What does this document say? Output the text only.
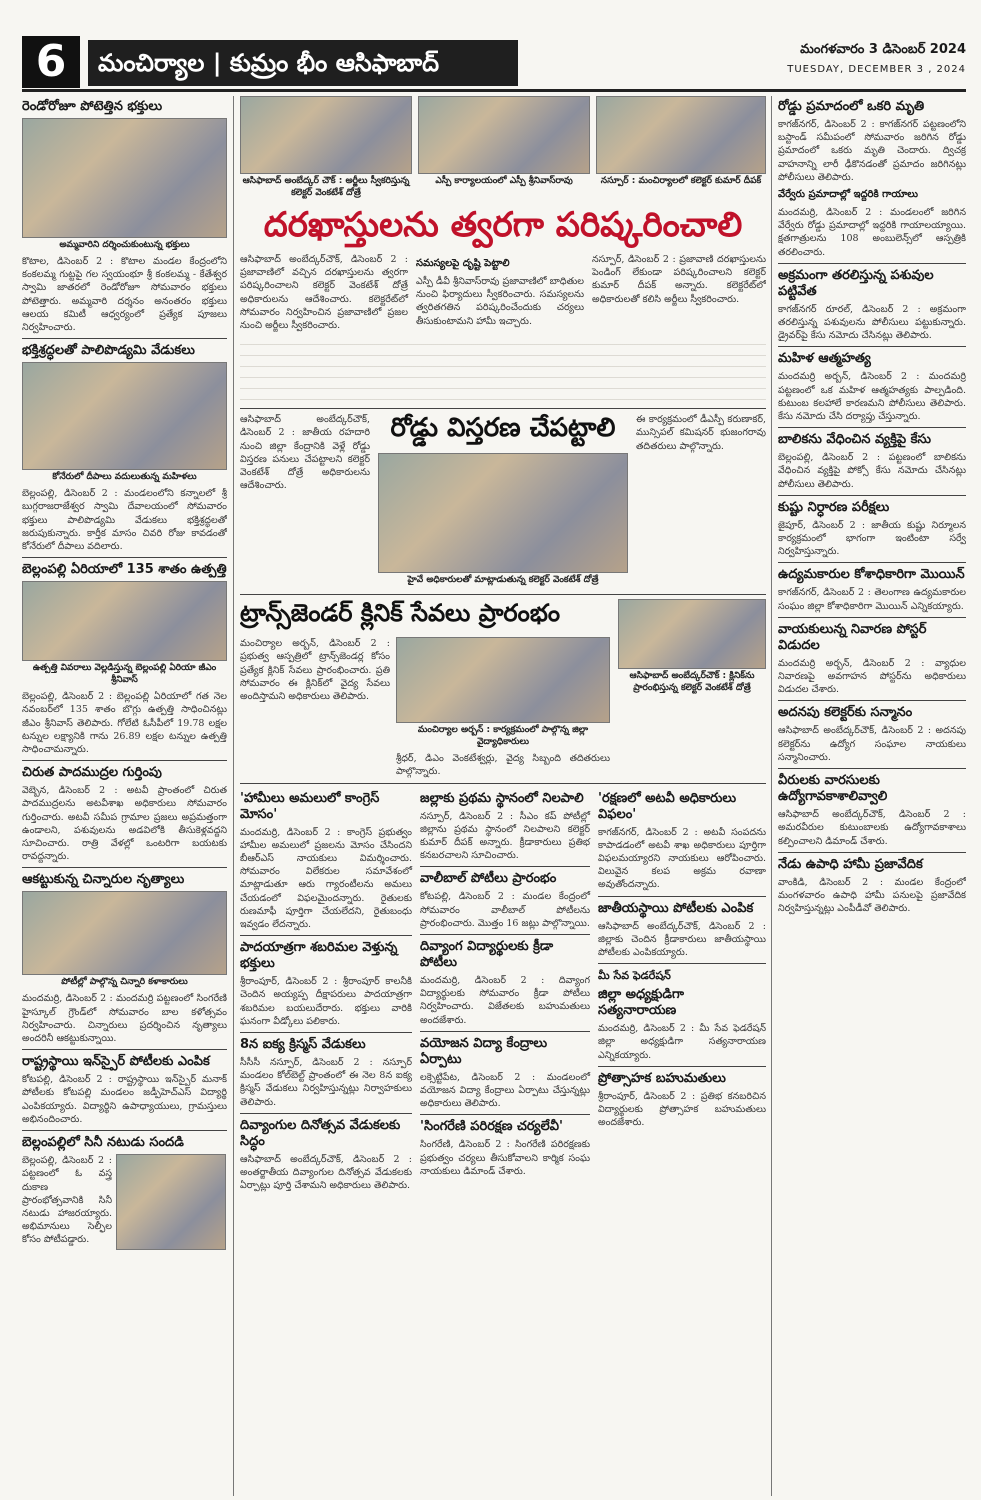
6	మంచిర్యాల | కుమ్రం భీం ఆసిఫాబాద్	మంగళవారం 3 డిసెంబర్ 2024
TUESDAY, DECEMBER 3 , 2024
రెండోరోజూ పోటెత్తిన భక్తులు
అమ్మవారిని దర్శించుకుంటున్న భక్తులు
కొటాల, డిసెంబర్ 2 : కొటాల మండల కేంద్రంలోని కంకలమ్మ గుట్టపై గల స్వయంభూ శ్రీ కంకలమ్మ - కేతేశ్వర స్వామి జాతరలో రెండోరోజూ సోమవారం భక్తులు పోటెత్తారు. అమ్మవారి దర్శనం అనంతరం భక్తులు ఆలయ కమిటీ ఆధ్వర్యంలో ప్రత్యేక పూజలు నిర్వహించారు.
భక్తిశ్రద్ధలతో పాలిపొడ్యమి వేడుకలు
కోనేరులో దీపాలు వదులుతున్న మహిళలు
బెల్లంపల్లి, డిసెంబర్ 2 : మండలంలోని కన్నాలలో శ్రీ బుగ్గరాజరాజేశ్వర స్వామి దేవాలయంలో సోమవారం భక్తులు పాలిపొడ్యమి వేడుకలు భక్తిశ్రద్ధలతో జరుపుకున్నారు. కార్తీక మాసం చివరి రోజు కావడంతో కోనేరులో దీపాలు వదిలారు.
బెల్లంపల్లి ఏరియాలో 135 శాతం ఉత్పత్తి
ఉత్పత్తి వివరాలు వెల్లడిస్తున్న బెల్లంపల్లి ఏరియా జీఎం శ్రీనివాస్
బెల్లంపల్లి, డిసెంబర్ 2 : బెల్లంపల్లి ఏరియాలో గత నెల నవంబర్‌లో 135 శాతం బొగ్గు ఉత్పత్తి సాధించినట్లు జీఎం శ్రీనివాస్ తెలిపారు. గోలేటి ఓసీపీలో 19.78 లక్షల టన్నుల లక్ష్యానికి గాను 26.89 లక్షల టన్నుల ఉత్పత్తి సాధించామన్నారు.
చిరుత పాదముద్రల గుర్తింపు
వెబ్బెన, డిసెంబర్ 2 : అటవీ ప్రాంతంలో చిరుత పాదముద్రలను అటవీశాఖ అధికారులు సోమవారం గుర్తించారు. అటవీ సమీప గ్రామాల ప్రజలు అప్రమత్తంగా ఉండాలని, పశువులను అడవిలోకి తీసుకెళ్లవద్దని సూచించారు. రాత్రి వేళల్లో ఒంటరిగా బయటకు రావద్దన్నారు.
ఆకట్టుకున్న చిన్నారుల నృత్యాలు
పోటీల్లో పాల్గొన్న చిన్నారి కళాకారులు
మందమర్రి, డిసెంబర్ 2 : మందమర్రి పట్టణంలో సింగరేణి హైస్కూల్ గ్రౌండ్‌లో సోమవారం బాల కళోత్సవం నిర్వహించారు. చిన్నారులు ప్రదర్శించిన నృత్యాలు అందరినీ ఆకట్టుకున్నాయి.
రాష్ట్రస్థాయి ఇన్‌స్పైర్ పోటీలకు ఎంపిక
కోటపల్లి, డిసెంబర్ 2 : రాష్ట్రస్థాయి ఇన్‌స్పైర్ మనాక్ పోటీలకు కోటపల్లి మండలం జడ్పీహెచ్‌ఎస్ విద్యార్థి ఎంపికయ్యారు. విద్యార్థిని ఉపాధ్యాయులు, గ్రామస్తులు అభినందించారు.
బెల్లంపల్లిలో సినీ నటుడు సందడి
బెల్లంపల్లి, డిసెంబర్ 2 : పట్టణంలో ఓ వస్త్ర దుకాణ ప్రారంభోత్సవానికి సినీ నటుడు హాజరయ్యారు. అభిమానులు సెల్ఫీల కోసం పోటీపడ్డారు.
ఆసిఫాబాద్ అంబేద్కర్ చౌక్ : అర్జీలు స్వీకరిస్తున్న కలెక్టర్ వెంకటేశ్ దోత్రే
ఎస్పీ కార్యాలయంలో ఎస్పీ శ్రీనివాస్‌రావు	నస్పూర్ : మంచిర్యాలలో కలెక్టర్ కుమార్ దీపక్
దరఖాస్తులను త్వరగా పరిష్కరించాలి
ఆసిఫాబాద్ అంబేద్కర్‌చౌక్, డిసెంబర్ 2 : ప్రజావాణిలో వచ్చిన దరఖాస్తులను త్వరగా పరిష్కరించాలని కలెక్టర్ వెంకటేశ్ దోత్రే అధికారులను ఆదేశించారు. కలెక్టరేట్‌లో సోమవారం నిర్వహించిన ప్రజావాణిలో ప్రజల నుంచి అర్జీలు స్వీకరించారు.
సమస్యలపై దృష్టి పెట్టాలి
ఎస్పీ డీవీ శ్రీనివాస్‌రావు ప్రజావాణిలో బాధితుల నుంచి ఫిర్యాదులు స్వీకరించారు. సమస్యలను త్వరితగతిన పరిష్కరించేందుకు చర్యలు తీసుకుంటామని హామీ ఇచ్చారు.
నస్పూర్, డిసెంబర్ 2 : ప్రజావాణి దరఖాస్తులను పెండింగ్ లేకుండా పరిష్కరించాలని కలెక్టర్ కుమార్ దీపక్ అన్నారు. కలెక్టరేట్‌లో అధికారులతో కలిసి అర్జీలు స్వీకరించారు.
ఆసిఫాబాద్ అంబేద్కర్‌చౌక్, డిసెంబర్ 2 : జాతీయ రహదారి నుంచి జిల్లా కేంద్రానికి వెళ్లే రోడ్డు విస్తరణ పనులు చేపట్టాలని కలెక్టర్ వెంకటేశ్ దోత్రే అధికారులను ఆదేశించారు.
రోడ్డు విస్తరణ చేపట్టాలి
హైవే అధికారులతో మాట్లాడుతున్న కలెక్టర్ వెంకటేశ్ దోత్రే
ఈ కార్యక్రమంలో డీఎస్పీ కరుణాకర్, మున్సిపల్ కమిషనర్ భుజంగరావు తదితరులు పాల్గొన్నారు.
ట్రాన్స్‌జెండర్ క్లినిక్ సేవలు ప్రారంభం
మంచిర్యాల అర్బన్, డిసెంబర్ 2 : ప్రభుత్వ ఆస్పత్రిలో ట్రాన్స్‌జెండర్ల కోసం ప్రత్యేక క్లినిక్ సేవలు ప్రారంభించారు. ప్రతి సోమవారం ఈ క్లినిక్‌లో వైద్య సేవలు అందిస్తామని అధికారులు తెలిపారు.
మంచిర్యాల అర్బన్ : కార్యక్రమంలో పాల్గొన్న జిల్లా వైద్యాధికారులు
శ్రీధర్, డిఎం వెంకటేశ్వర్లు, వైద్య సిబ్బంది తదితరులు పాల్గొన్నారు.
ఆసిఫాబాద్ అంబేద్కర్‌చౌక్ : క్లినిక్‌ను ప్రారంభిస్తున్న కలెక్టర్ వెంకటేశ్ దోత్రే
'హామీలు అమలులో కాంగ్రెస్ మోసం'
మందమర్రి, డిసెంబర్ 2 : కాంగ్రెస్ ప్రభుత్వం హామీల అమలులో ప్రజలను మోసం చేసిందని బీఆర్‌ఎస్ నాయకులు విమర్శించారు. సోమవారం విలేకరుల సమావేశంలో మాట్లాడుతూ ఆరు గ్యారంటీలను అమలు చేయడంలో విఫలమైందన్నారు. రైతులకు రుణమాఫీ పూర్తిగా చేయలేదని, రైతుబంధు ఇవ్వడం లేదన్నారు.
పాదయాత్రగా శబరిమల వెళ్తున్న భక్తులు
శ్రీరాంపూర్, డిసెంబర్ 2 : శ్రీరాంపూర్ కాలనీకి చెందిన అయ్యప్ప దీక్షాపరులు పాదయాత్రగా శబరిమల బయలుదేరారు. భక్తులు వారికి ఘనంగా వీడ్కోలు పలికారు.
8న ఐక్య క్రిస్మస్ వేడుకలు
సీసీసీ నస్పూర్, డిసెంబర్ 2 : నస్పూర్ మండలం కోల్‌బెల్ట్ ప్రాంతంలో ఈ నెల 8న ఐక్య క్రిస్మస్ వేడుకలు నిర్వహిస్తున్నట్లు నిర్వాహకులు తెలిపారు.
దివ్యాంగుల దినోత్సవ వేడుకలకు సిద్ధం
ఆసిఫాబాద్ అంబేద్కర్‌చౌక్, డిసెంబర్ 2 : అంతర్జాతీయ దివ్యాంగుల దినోత్సవ వేడుకలకు ఏర్పాట్లు పూర్తి చేశామని అధికారులు తెలిపారు.
జల్లాకు ప్రథమ స్థానంలో నిలపాలి
నస్పూర్, డిసెంబర్ 2 : సీఎం కప్ పోటీల్లో జిల్లాను ప్రథమ స్థానంలో నిలపాలని కలెక్టర్ కుమార్ దీపక్ అన్నారు. క్రీడాకారులు ప్రతిభ కనబరచాలని సూచించారు.
వాలీబాల్ పోటీలు ప్రారంభం
కోటపల్లి, డిసెంబర్ 2 : మండల కేంద్రంలో సోమవారం వాలీబాల్ పోటీలను ప్రారంభించారు. మొత్తం 16 జట్లు పాల్గొన్నాయి.
దివ్యాంగ విద్యార్థులకు క్రీడా పోటీలు
మందమర్రి, డిసెంబర్ 2 : దివ్యాంగ విద్యార్థులకు సోమవారం క్రీడా పోటీలు నిర్వహించారు. విజేతలకు బహుమతులు అందజేశారు.
వయోజన విద్యా కేంద్రాలు ఏర్పాటు
లక్సెట్టిపేట, డిసెంబర్ 2 : మండలంలో వయోజన విద్యా కేంద్రాలు ఏర్పాటు చేస్తున్నట్లు అధికారులు తెలిపారు.
'సింగరేణి పరిరక్షణ చర్యలేవీ'
సింగరేణి, డిసెంబర్ 2 : సింగరేణి పరిరక్షణకు ప్రభుత్వం చర్యలు తీసుకోవాలని కార్మిక సంఘ నాయకులు డిమాండ్ చేశారు.
'రక్షణలో అటవీ అధికారులు విఫలం'
కాగజ్‌నగర్, డిసెంబర్ 2 : అటవీ సంపదను కాపాడడంలో అటవీ శాఖ అధికారులు పూర్తిగా విఫలమయ్యారని నాయకులు ఆరోపించారు. విలువైన కలప అక్రమ రవాణా అవుతోందన్నారు.
జాతీయస్థాయి పోటీలకు ఎంపిక
ఆసిఫాబాద్ అంబేద్కర్‌చౌక్, డిసెంబర్ 2 : జిల్లాకు చెందిన క్రీడాకారులు జాతీయస్థాయి పోటీలకు ఎంపికయ్యారు.
మీ సేవ ఫెడరేషన్
జిల్లా అధ్యక్షుడిగా సత్యనారాయణ
మందమర్రి, డిసెంబర్ 2 : మీ సేవ ఫెడరేషన్ జిల్లా అధ్యక్షుడిగా సత్యనారాయణ ఎన్నికయ్యారు.
ప్రోత్సాహక బహుమతులు
శ్రీరాంపూర్, డిసెంబర్ 2 : ప్రతిభ కనబరిచిన విద్యార్థులకు ప్రోత్సాహక బహుమతులు అందజేశారు.
రోడ్డు ప్రమాదంలో ఒకరి మృతి
కాగజ్‌నగర్, డిసెంబర్ 2 : కాగజ్‌నగర్ పట్టణంలోని బస్టాండ్ సమీపంలో సోమవారం జరిగిన రోడ్డు ప్రమాదంలో ఒకరు మృతి చెందారు. ద్విచక్ర వాహనాన్ని లారీ ఢీకొనడంతో ప్రమాదం జరిగినట్లు పోలీసులు తెలిపారు.
వేర్వేరు ప్రమాదాల్లో ఇద్దరికి గాయాలు
మందమర్రి, డిసెంబర్ 2 : మండలంలో జరిగిన వేర్వేరు రోడ్డు ప్రమాదాల్లో ఇద్దరికి గాయాలయ్యాయి. క్షతగాత్రులను 108 అంబులెన్స్‌లో ఆస్పత్రికి తరలించారు.
అక్రమంగా తరలిస్తున్న పశువుల పట్టివేత
కాగజ్‌నగర్ రూరల్, డిసెంబర్ 2 : అక్రమంగా తరలిస్తున్న పశువులను పోలీసులు పట్టుకున్నారు. డ్రైవర్‌పై కేసు నమోదు చేసినట్లు తెలిపారు.
మహిళ ఆత్మహత్య
మందమర్రి అర్బన్, డిసెంబర్ 2 : మందమర్రి పట్టణంలో ఒక మహిళ ఆత్మహత్యకు పాల్పడింది. కుటుంబ కలహాలే కారణమని పోలీసులు తెలిపారు. కేసు నమోదు చేసి దర్యాప్తు చేస్తున్నారు.
బాలికను వేధించిన వ్యక్తిపై కేసు
బెల్లంపల్లి, డిసెంబర్ 2 : పట్టణంలో బాలికను వేధించిన వ్యక్తిపై పోక్సో కేసు నమోదు చేసినట్లు పోలీసులు తెలిపారు.
కుష్టు నిర్ధారణ పరీక్షలు
జైపూర్, డిసెంబర్ 2 : జాతీయ కుష్టు నిర్మూలన కార్యక్రమంలో భాగంగా ఇంటింటా సర్వే నిర్వహిస్తున్నారు.
ఉద్యమకారుల కోశాధికారిగా మొయిన్
కాగజ్‌నగర్, డిసెంబర్ 2 : తెలంగాణ ఉద్యమకారుల సంఘం జిల్లా కోశాధికారిగా మొయిన్ ఎన్నికయ్యారు.
వాయకులున్న నివారణ పోస్టర్ విడుదల
మందమర్రి అర్బన్, డిసెంబర్ 2 : వ్యాధుల నివారణపై అవగాహన పోస్టర్‌ను అధికారులు విడుదల చేశారు.
అదనపు కలెక్టర్‌కు సన్మానం
ఆసిఫాబాద్ అంబేద్కర్‌చౌక్, డిసెంబర్ 2 : అదనపు కలెక్టర్‌ను ఉద్యోగ సంఘాల నాయకులు సన్మానించారు.
వీరులకు వారసులకు ఉద్యోగావకాశాలివ్వాలి
ఆసిఫాబాద్ అంబేద్కర్‌చౌక్, డిసెంబర్ 2 : అమరవీరుల కుటుంబాలకు ఉద్యోగావకాశాలు కల్పించాలని డిమాండ్ చేశారు.
నేడు ఉపాధి హామీ ప్రజావేదిక
వాంకిడి, డిసెంబర్ 2 : మండల కేంద్రంలో మంగళవారం ఉపాధి హామీ పనులపై ప్రజావేదిక నిర్వహిస్తున్నట్లు ఎంపీడీవో తెలిపారు.
